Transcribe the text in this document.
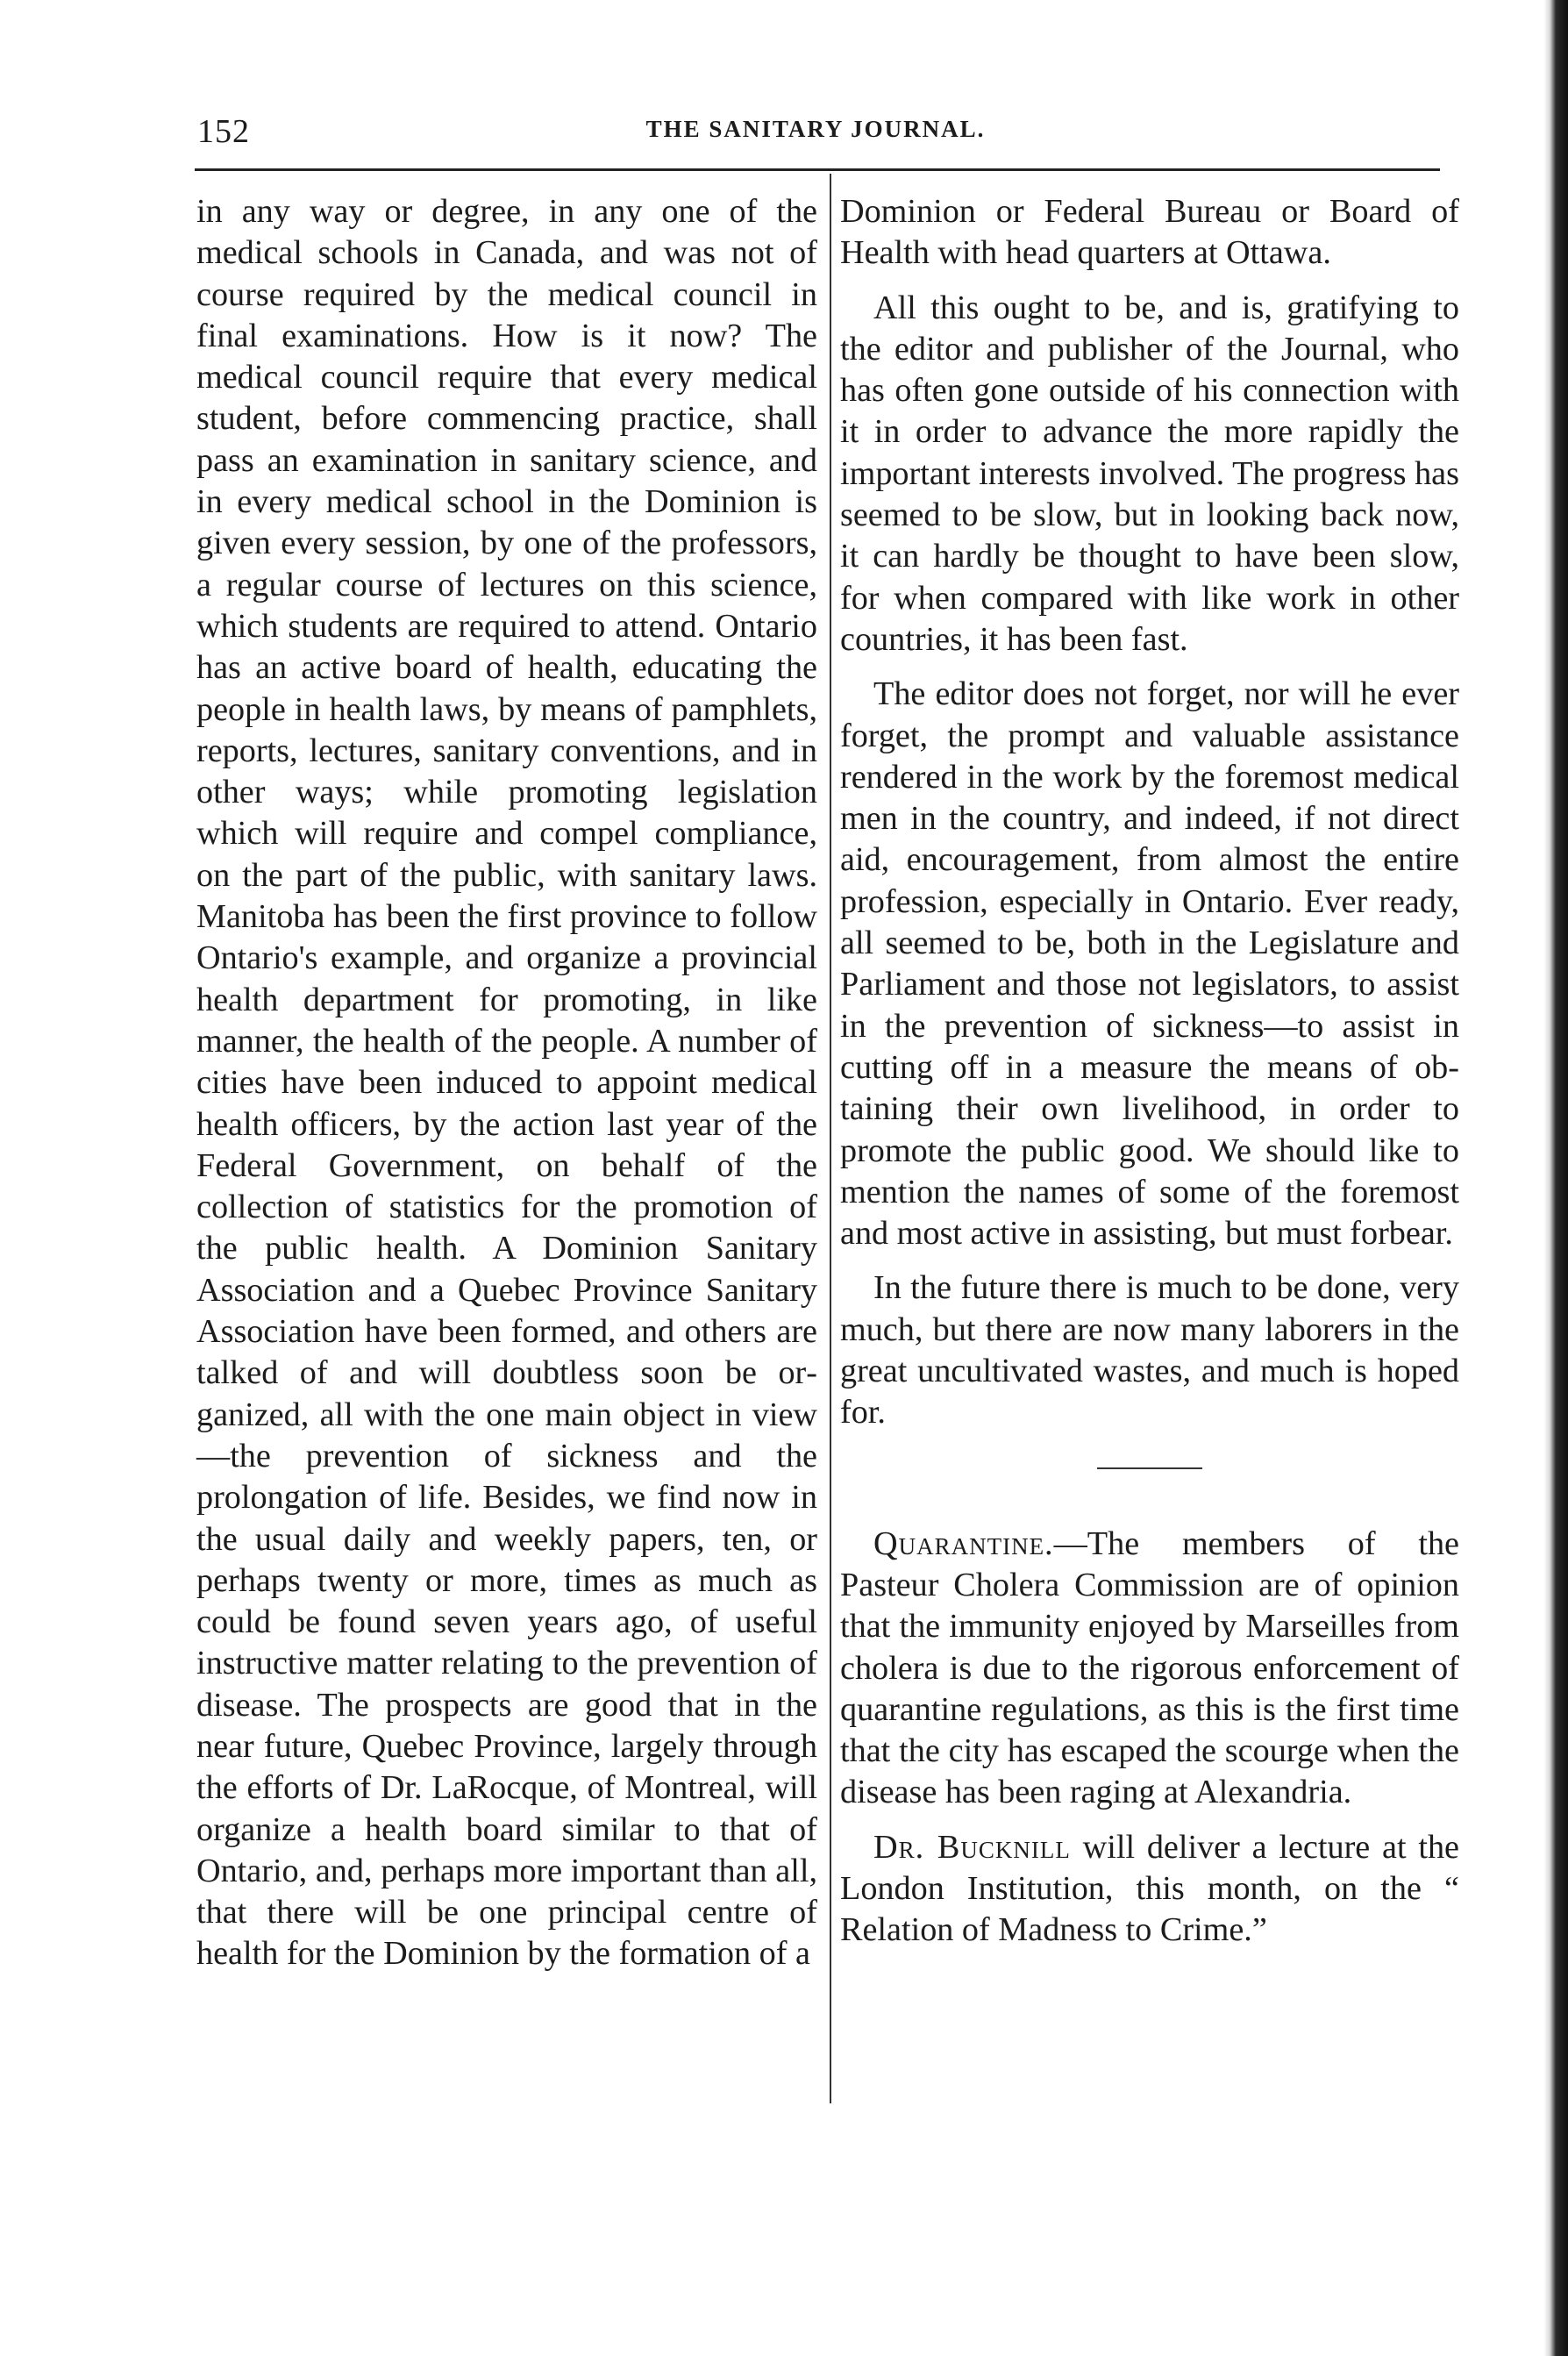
152	THE SANITARY JOURNAL.

in any way or degree, in any one of the medical schools in Canada, and was not of course required by the medical council in final examinations. How is it now? The medical council require that every medical student, before commencing practice, shall pass an examination in sanitary science, and in every medical school in the Dominion is given every session, by one of the professors, a regular course of lectures on this science, which students are required to attend. Ontario has an active board of health, educating the people in health laws, by means of pamphlets, reports, lectures, sanitary conventions, and in other ways; while promoting legislation which will require and compel compliance, on the part of the public, with sanitary laws. Manitoba has been the first province to follow Ontario's example, and organize a provincial health department for promoting, in like manner, the health of the people. A number of cities have been induced to appoint medical health officers, by the action last year of the Federal Government, on behalf of the collection of statistics for the promotion of the public health. A Dominion Sanitary Association and a Quebec Province Sanitary Association have been formed, and others are talked of and will doubtless soon be organized, all with the one main object in view—the prevention of sickness and the prolongation of life. Besides, we find now in the usual daily and weekly papers, ten, or perhaps twenty or more, times as much as could be found seven years ago, of useful instructive matter relating to the prevention of disease. The prospects are good that in the near future, Quebec Province, largely through the efforts of Dr. LaRocque, of Montreal, will organize a health board similar to that of Ontario, and, perhaps more important than all, that there will be one principal centre of health for the Dominion by the formation of a

Dominion or Federal Bureau or Board of Health with head quarters at Ottawa.

All this ought to be, and is, gratifying to the editor and publisher of the Journal, who has often gone outside of his connection with it in order to advance the more rapidly the important interests involved. The progress has seemed to be slow, but in looking back now, it can hardly be thought to have been slow, for when compared with like work in other countries, it has been fast.

The editor does not forget, nor will he ever forget, the prompt and valuable assistance rendered in the work by the foremost medical men in the country, and indeed, if not direct aid, encouragement, from almost the entire profession, especially in Ontario. Ever ready, all seemed to be, both in the Legislature and Parliament and those not legislators, to assist in the prevention of sickness—to assist in cutting off in a measure the means of obtaining their own livelihood, in order to promote the public good. We should like to mention the names of some of the foremost and most active in assisting, but must forbear.

In the future there is much to be done, very much, but there are now many laborers in the great uncultivated wastes, and much is hoped for.

Quarantine.—The members of the Pasteur Cholera Commission are of opinion that the immunity enjoyed by Marseilles from cholera is due to the rigorous enforcement of quarantine regulations, as this is the first time that the city has escaped the scourge when the disease has been raging at Alexandria.

Dr. Bucknill will deliver a lecture at the London Institution, this month, on the “ Relation of Madness to Crime.”
